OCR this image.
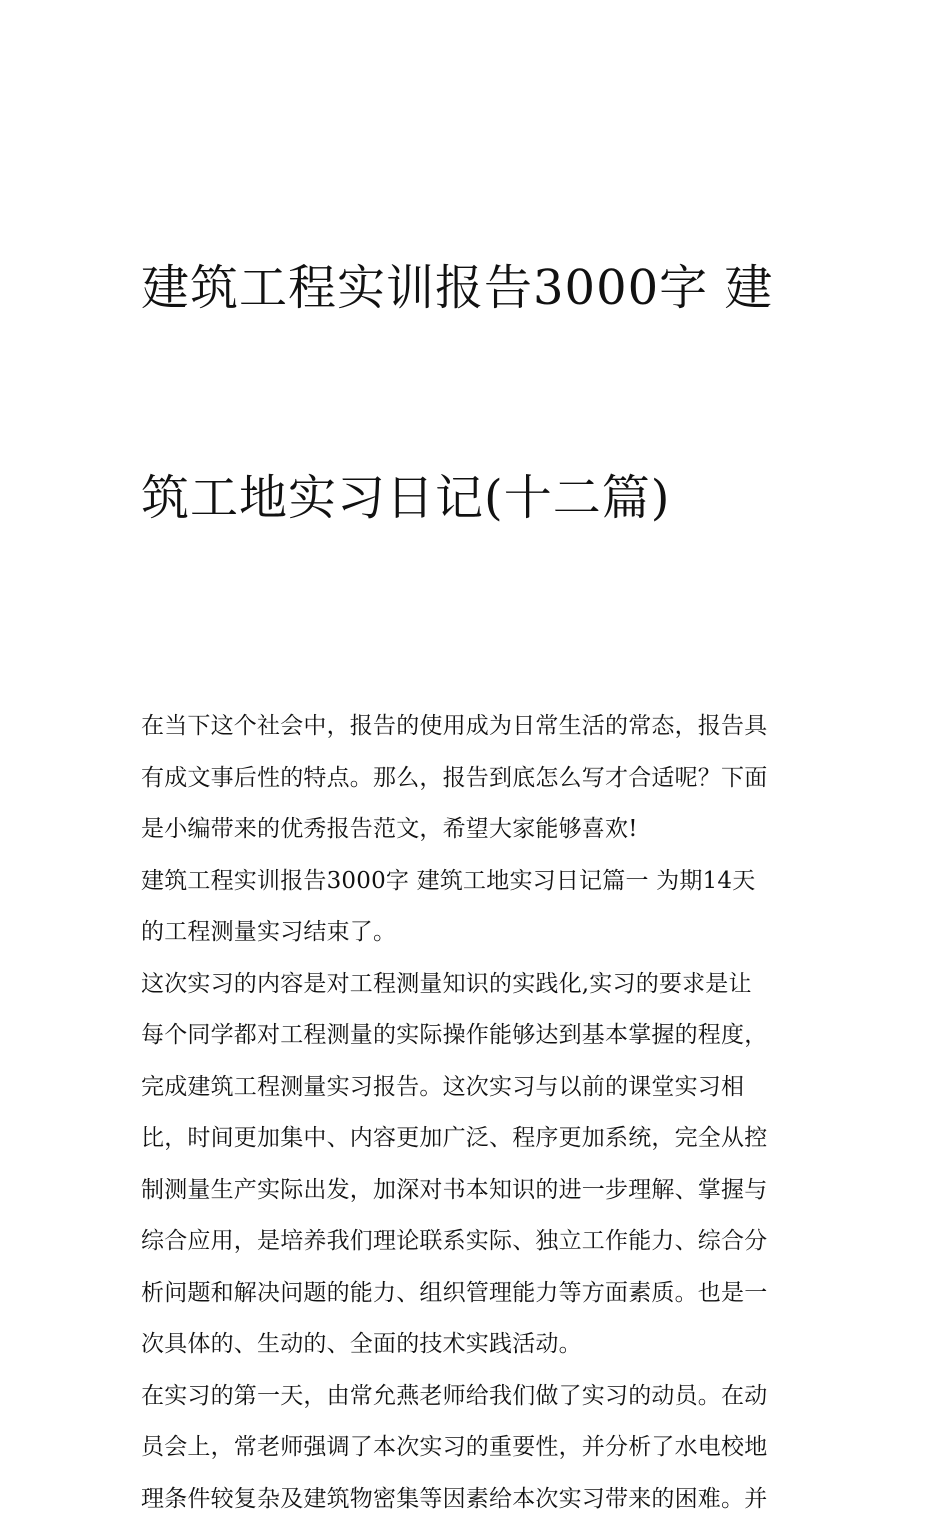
建筑工程实训报告3000字 建

筑工地实习日记(十二篇)

在当下这个社会中，报告的使用成为日常生活的常态，报告具
有成文事后性的特点。那么，报告到底怎么写才合适呢？下面
是小编带来的优秀报告范文，希望大家能够喜欢!

建筑工程实训报告3000字 建筑工地实习日记篇一 为期14天
的工程测量实习结束了。

这次实习的内容是对工程测量知识的实践化,实习的要求是让
每个同学都对工程测量的实际操作能够达到基本掌握的程度，
完成建筑工程测量实习报告。这次实习与以前的课堂实习相
比，时间更加集中、内容更加广泛、程序更加系统，完全从控
制测量生产实际出发，加深对书本知识的进一步理解、掌握与
综合应用，是培养我们理论联系实际、独立工作能力、综合分
析问题和解决问题的能力、组织管理能力等方面素质。也是一
次具体的、生动的、全面的技术实践活动。

在实习的第一天，由常允燕老师给我们做了实习的动员。在动
员会上，常老师强调了本次实习的重要性，并分析了水电校地
理条件较复杂及建筑物密集等因素给本次实习带来的困难。并
